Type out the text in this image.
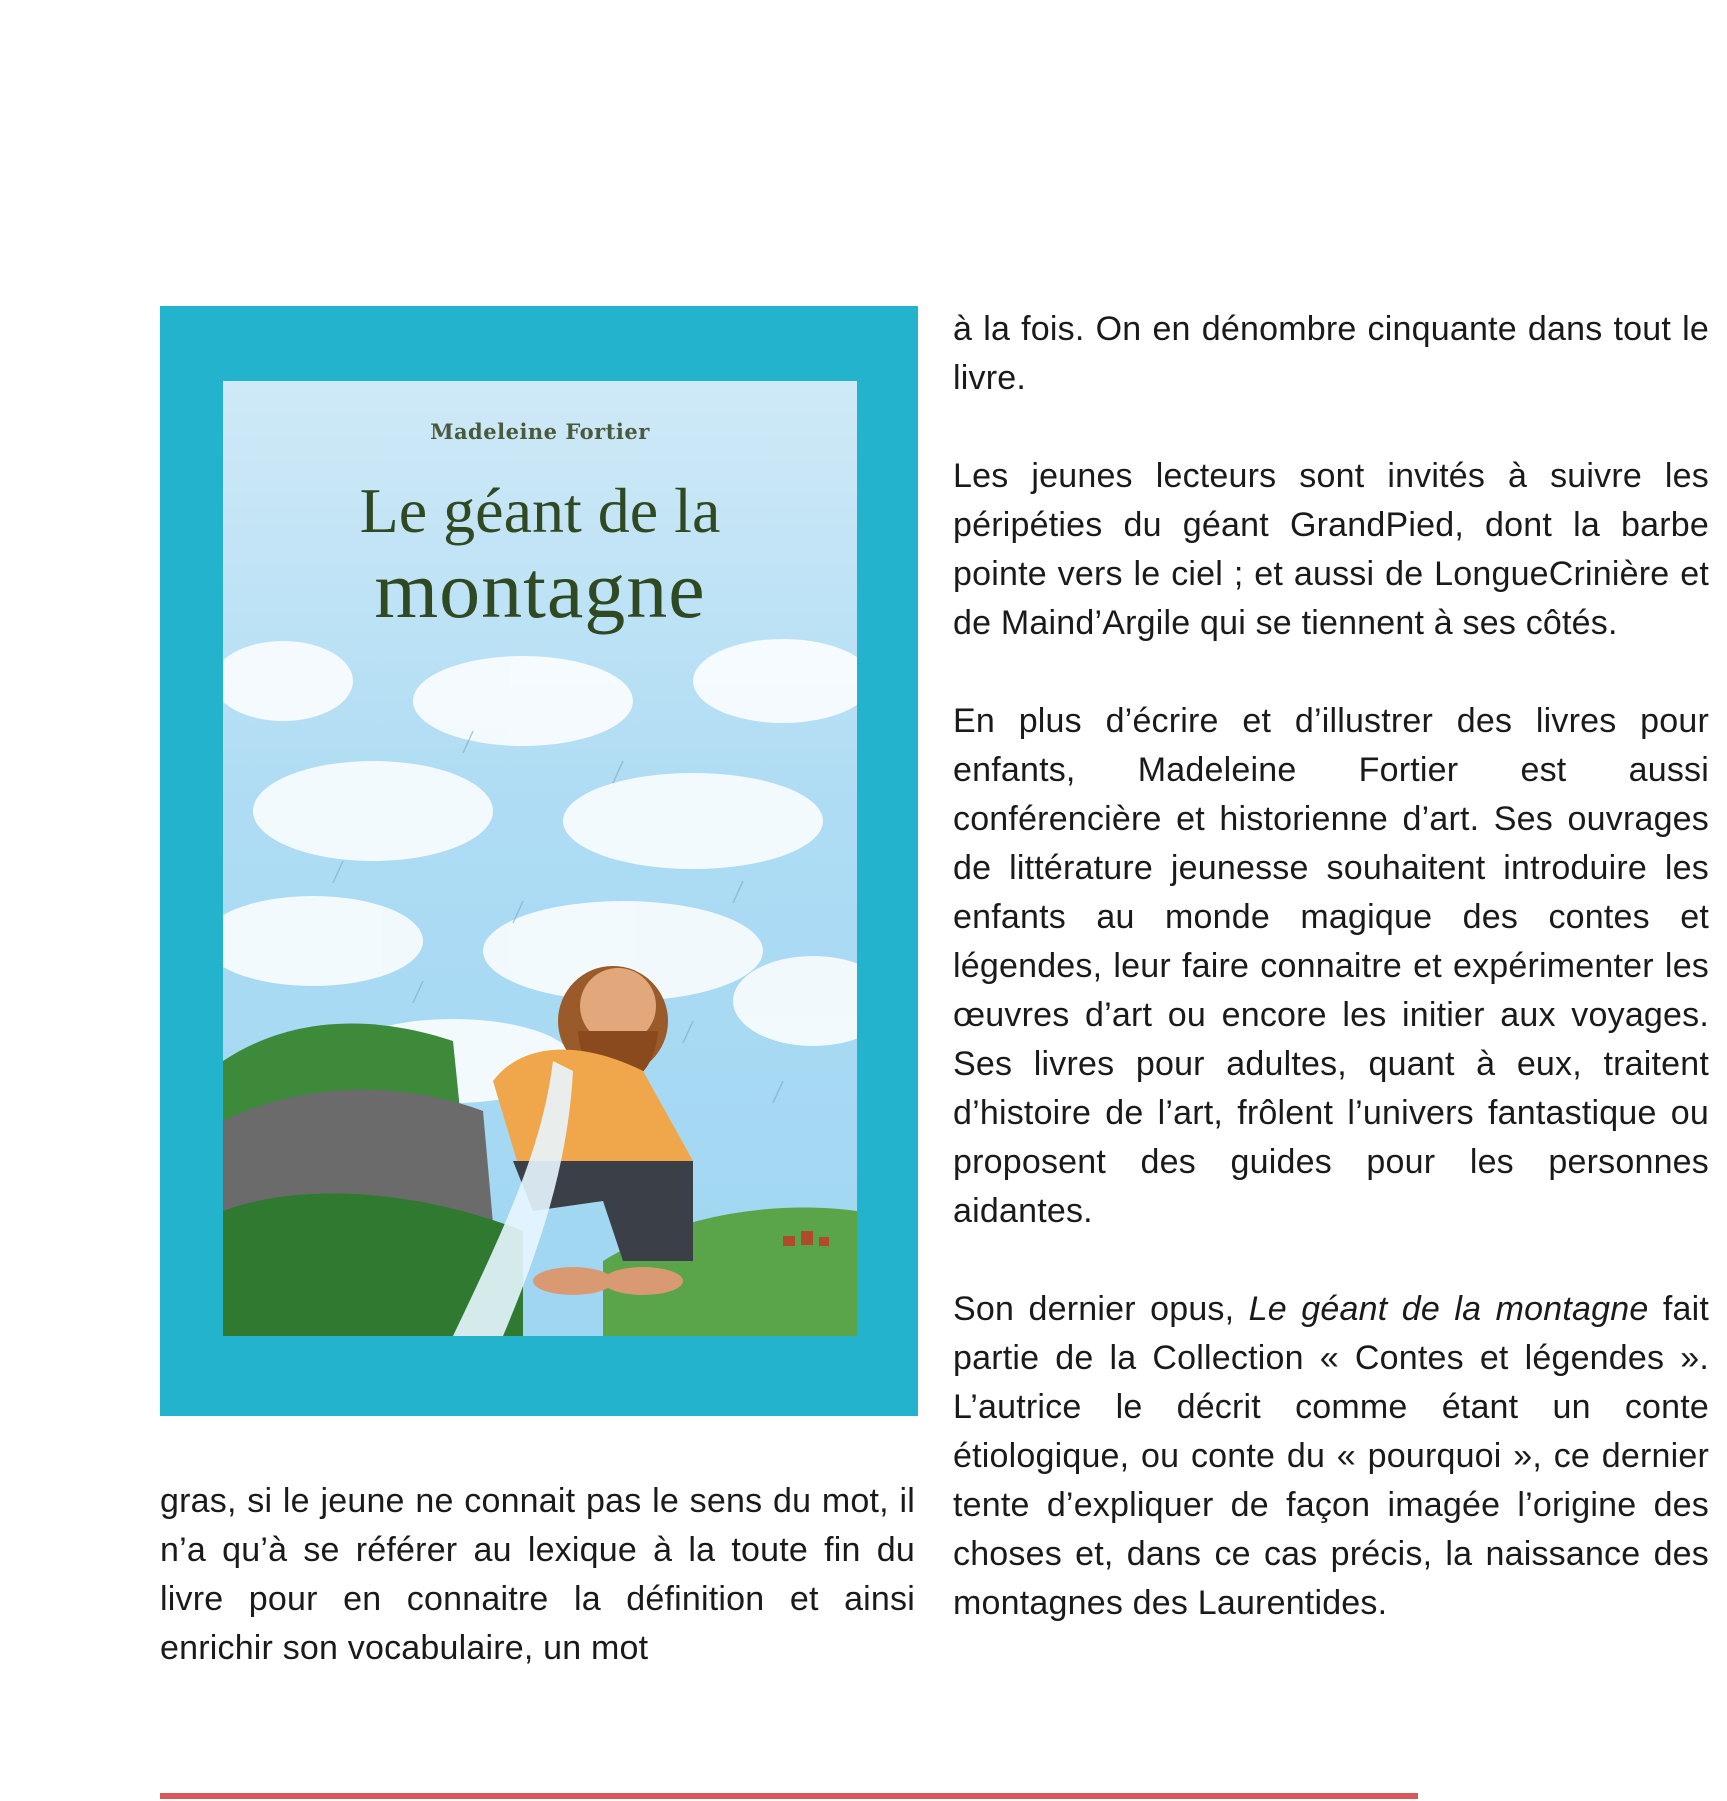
Madeleine Fortier
Le géant de la
montagne

gras, si le jeune ne connait pas le sens du mot, il n’a qu’à se référer au lexique à la toute fin du livre pour en connaitre la définition et ainsi enrichir son vocabulaire, un mot

à la fois. On en dénombre cinquante dans tout le livre.

Les jeunes lecteurs sont invités à suivre les péripéties du géant GrandPied, dont la barbe pointe vers le ciel ; et aussi de LongueCrinière et de Maind’Argile qui se tiennent à ses côtés.

En plus d’écrire et d’illustrer des livres pour enfants, Madeleine Fortier est aussi conférencière et historienne d’art. Ses ouvrages de littérature jeunesse souhaitent introduire les enfants au monde magique des contes et légendes, leur faire connaitre et expérimenter les œuvres d’art ou encore les initier aux voyages. Ses livres pour adultes, quant à eux, traitent d’histoire de l’art, frôlent l’univers fantastique ou proposent des guides pour les personnes aidantes.

Son dernier opus, Le géant de la montagne fait partie de la Collection « Contes et légendes ». L’autrice le décrit comme étant un conte étiologique, ou conte du « pourquoi », ce dernier tente d’expliquer de façon imagée l’origine des choses et, dans ce cas précis, la naissance des montagnes des Laurentides.
